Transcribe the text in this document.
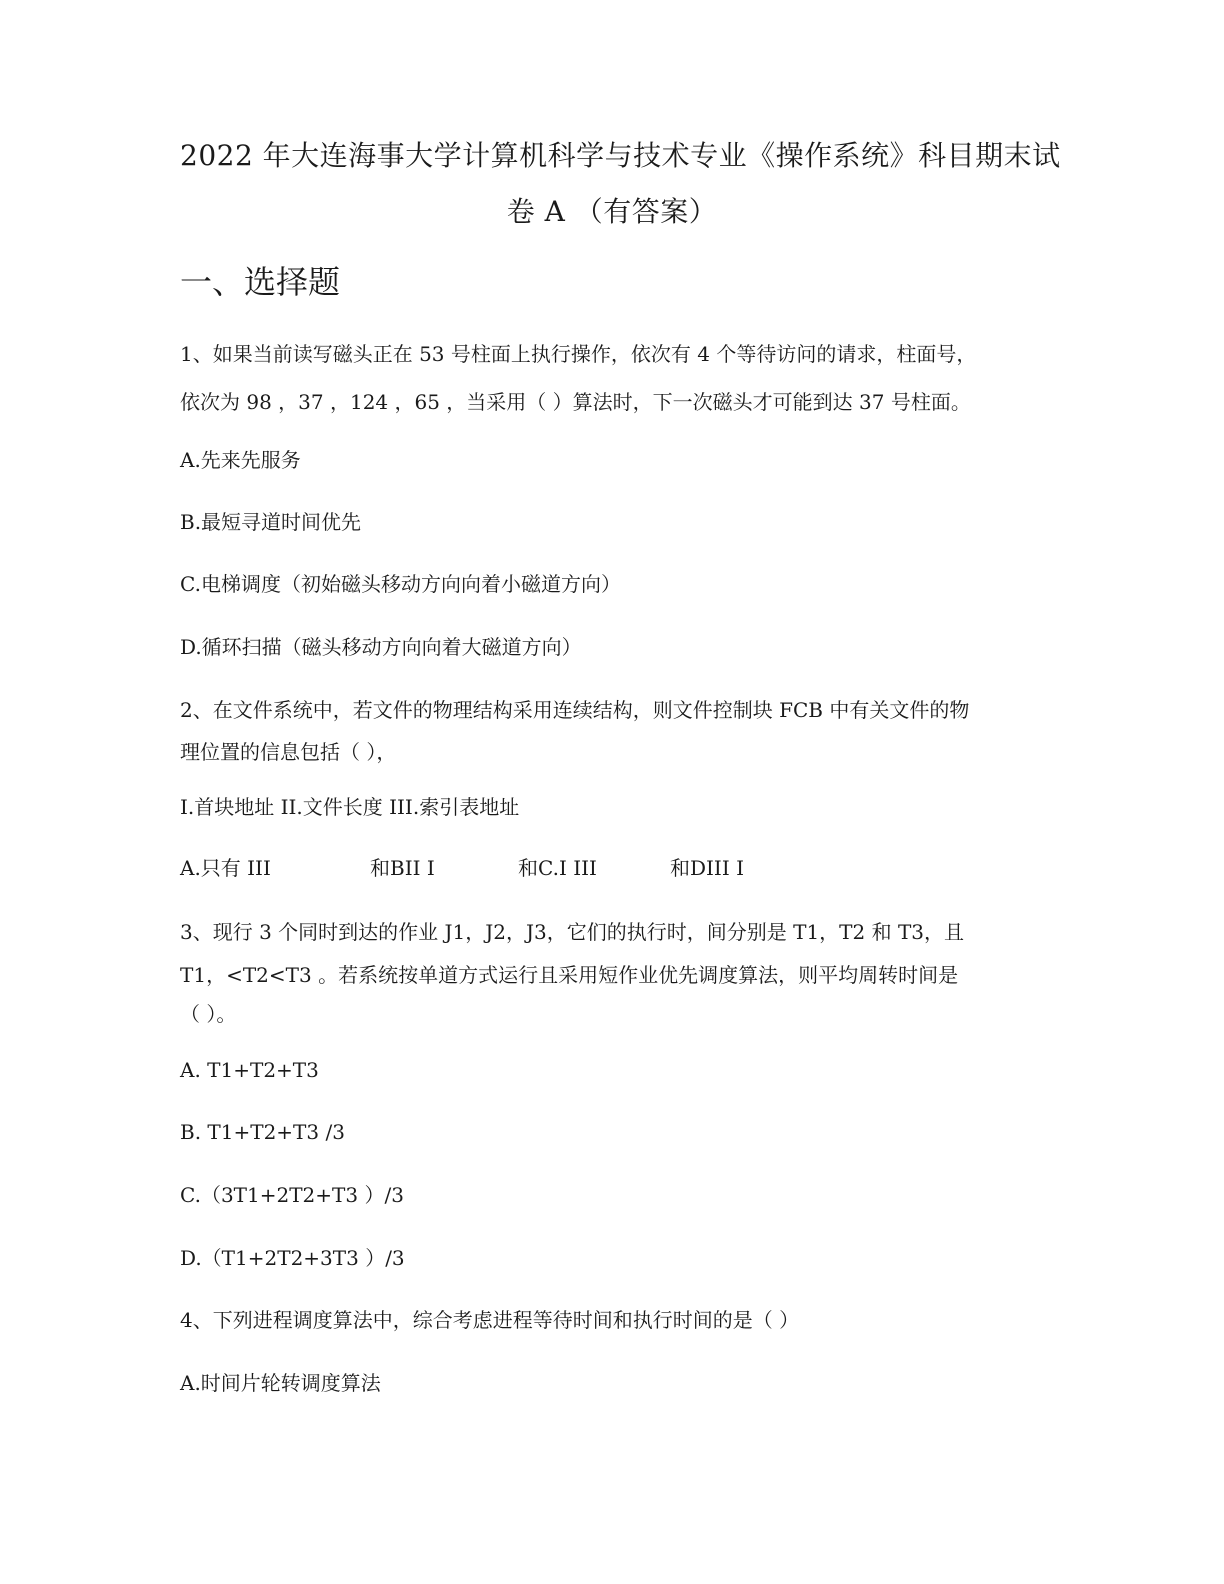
2022 年大连海事大学计算机科学与技术专业《操作系统》科目期末试
卷 A （有答案）
一、选择题
1、如果当前读写磁头正在 53 号柱面上执行操作，依次有 4 个等待访问的请求，柱面号，
依次为 98 ，37 ，124 ，65 ，当采用（ ）算法时，下一次磁头才可能到达 37 号柱面。
A.先来先服务
B.最短寻道时间优先
C.电梯调度（初始磁头移动方向向着小磁道方向）
D.循环扫描（磁头移动方向向着大磁道方向）
2、在文件系统中，若文件的物理结构采用连续结构，则文件控制块 FCB 中有关文件的物
理位置的信息包括（ ），
I.首块地址 II.文件长度 III.索引表地址
A.只有 III	和BII I	和C.I III	和DIII I
3、现行 3 个同时到达的作业 J1，J2，J3，它们的执行时，间分别是 T1，T2 和 T3，且
T1，<T2<T3 。若系统按单道方式运行且采用短作业优先调度算法，则平均周转时间是
（ ）。
A. T1+T2+T3
B. T1+T2+T3 /3
C.（3T1+2T2+T3 ）/3
D.（T1+2T2+3T3 ）/3
4、下列进程调度算法中，综合考虑进程等待时间和执行时间的是（ ）
A.时间片轮转调度算法
